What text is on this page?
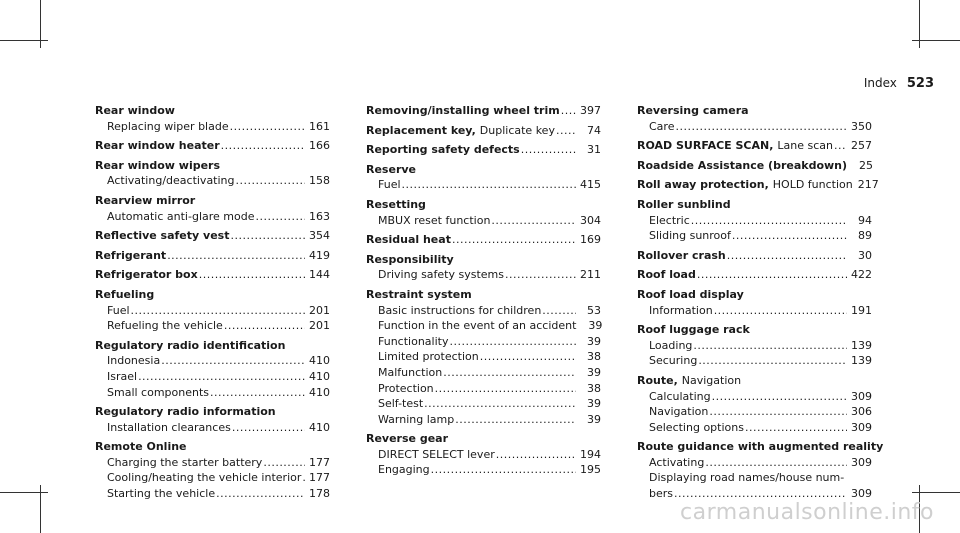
Index 523
Rear window
Replacing wiper blade .....	161
Rear window heater .....	166
Rear window wipers
Activating/deactivating .....	158
Rearview mirror
Automatic anti-glare mode .....	163
Reflective safety vest .....	354
Refrigerant .....	419
Refrigerator box .....	144
Refueling
Fuel .....	201
Refueling the vehicle .....	201
Regulatory radio identification
Indonesia .....	410
Israel .....	410
Small components .....	410
Regulatory radio information
Installation clearances .....	410
Remote Online
Charging the starter battery .....	177
Cooling/heating the vehicle interior ..... 177
Starting the vehicle .....	178
Removing/installing wheel trim ..... 397
Replacement key, Duplicate key .....	74
Reporting safety defects .....	31
Reserve
Fuel .....	415
Resetting
MBUX reset function .....	304
Residual heat .....	169
Responsibility
Driving safety systems .....	211
Restraint system
Basic instructions for children .....	53
Function in the event of an accident	39
Functionality .....	39
Limited protection .....	38
Malfunction .....	39
Protection .....	38
Self-test .....	39
Warning lamp .....	39
Reverse gear
DIRECT SELECT lever .....	194
Engaging .....	195
Reversing camera
Care .....	350
ROAD SURFACE SCAN, Lane scan ..... 257
Roadside Assistance (breakdown)	25
Roll away protection, HOLD function 217
Roller sunblind
Electric .....	94
Sliding sunroof .....	89
Rollover crash .....	30
Roof load .....	422
Roof load display
Information .....	191
Roof luggage rack
Loading .....	139
Securing .....	139
Route, Navigation
Calculating .....	309
Navigation .....	306
Selecting options .....	309
Route guidance with augmented reality
Activating .....	309
Displaying road names/house num-
bers .....	309
carmanualsonline.info
